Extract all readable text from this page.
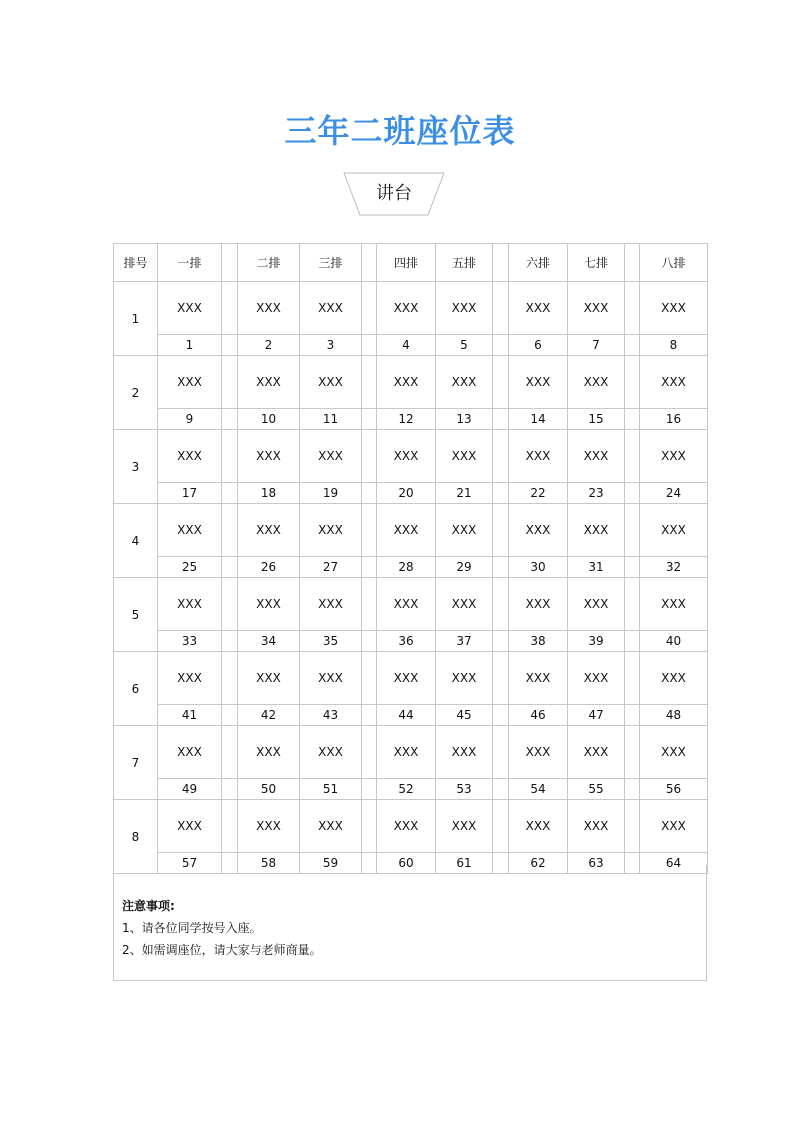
三年二班座位表
讲台
排号	一排		二排	三排		四排	五排		六排	七排		八排
1	XXX		XXX	XXX		XXX	XXX		XXX	XXX		XXX
	1		2	3		4	5		6	7		8
2	XXX		XXX	XXX		XXX	XXX		XXX	XXX		XXX
	9		10	11		12	13		14	15		16
3	XXX		XXX	XXX		XXX	XXX		XXX	XXX		XXX
	17		18	19		20	21		22	23		24
4	XXX		XXX	XXX		XXX	XXX		XXX	XXX		XXX
	25		26	27		28	29		30	31		32
5	XXX		XXX	XXX		XXX	XXX		XXX	XXX		XXX
	33		34	35		36	37		38	39		40
6	XXX		XXX	XXX		XXX	XXX		XXX	XXX		XXX
	41		42	43		44	45		46	47		48
7	XXX		XXX	XXX		XXX	XXX		XXX	XXX		XXX
	49		50	51		52	53		54	55		56
8	XXX		XXX	XXX		XXX	XXX		XXX	XXX		XXX
	57		58	59		60	61		62	63		64
注意事项:
1、请各位同学按号入座。
2、如需调座位，请大家与老师商量。
